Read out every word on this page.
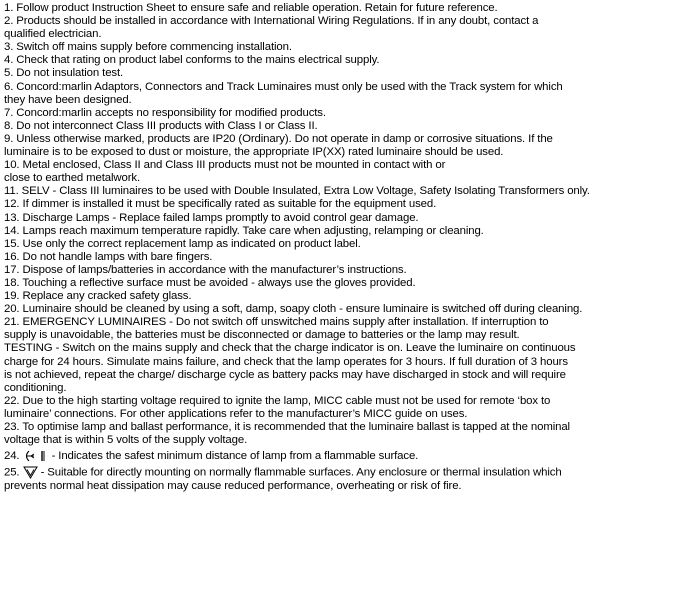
1. Follow product Instruction Sheet to ensure safe and reliable operation. Retain for future reference.
2. Products should be installed in accordance with International Wiring Regulations. If in any doubt, contact a
qualified electrician.
3. Switch off mains supply before commencing installation.
4. Check that rating on product label conforms to the mains electrical supply.
5. Do not insulation test.
6. Concord:marlin Adaptors, Connectors and Track Luminaires must only be used with the Track system for which
they have been designed.
7. Concord:marlin accepts no responsibility for modified products.
8. Do not interconnect Class III products with Class I or Class II.
9. Unless otherwise marked, products are IP20 (Ordinary). Do not operate in damp or corrosive situations. If the
luminaire is to be exposed to dust or moisture, the appropriate IP(XX) rated luminaire should be used.
10. Metal enclosed, Class II and Class III products must not be mounted in contact with or
close to earthed metalwork.
11. SELV - Class III luminaires to be used with Double Insulated, Extra Low Voltage, Safety Isolating Transformers only.
12. If dimmer is installed it must be specifically rated as suitable for the equipment used.
13. Discharge Lamps - Replace failed lamps promptly to avoid control gear damage.
14. Lamps reach maximum temperature rapidly. Take care when adjusting, relamping or cleaning.
15. Use only the correct replacement lamp as indicated on product label.
16. Do not handle lamps with bare fingers.
17. Dispose of lamps/batteries in accordance with the manufacturer’s instructions.
18. Touching a reflective surface must be avoided - always use the gloves provided.
19. Replace any cracked safety glass.
20. Luminaire should be cleaned by using a soft, damp, soapy cloth - ensure luminaire is switched off during cleaning.
21. EMERGENCY LUMINAIRES - Do not switch off unswitched mains supply after installation. If interruption to
supply is unavoidable, the batteries must be disconnected or damage to batteries or the lamp may result.
TESTING - Switch on the mains supply and check that the charge indicator is on. Leave the luminaire on continuous
charge for 24 hours. Simulate mains failure, and check that the lamp operates for 3 hours. If full duration of 3 hours
is not achieved, repeat the charge/ discharge cycle as battery packs may have discharged in stock and will require
conditioning.
22. Due to the high starting voltage required to ignite the lamp, MICC cable must not be used for remote ‘box to
luminaire’ connections. For other applications refer to the manufacturer’s MICC guide on uses.
23. To optimise lamp and ballast performance, it is recommended that the luminaire ballast is tapped at the nominal
voltage that is within 5 volts of the supply voltage.
24.	- Indicates the safest minimum distance of lamp from a flammable surface.
25.  - Suitable for directly mounting on normally flammable surfaces. Any enclosure or thermal insulation which
prevents normal heat dissipation may cause reduced performance, overheating or risk of fire.
